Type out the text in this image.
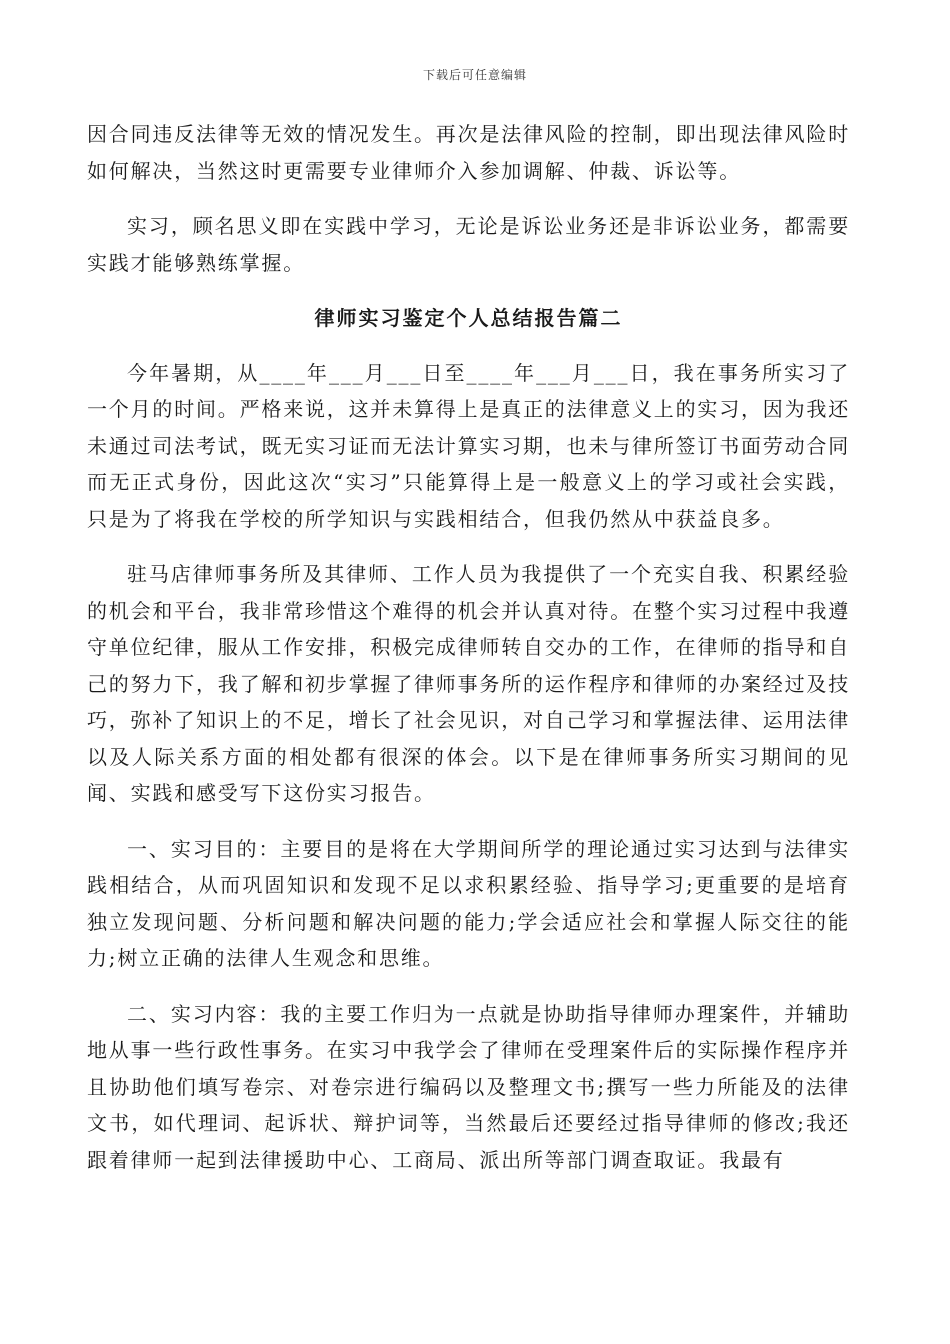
下载后可任意编辑

因合同违反法律等无效的情况发生。再次是法律风险的控制，即出现法律风险时如何解决，当然这时更需要专业律师介入参加调解、仲裁、诉讼等。

实习，顾名思义即在实践中学习，无论是诉讼业务还是非诉讼业务，都需要实践才能够熟练掌握。

律师实习鉴定个人总结报告篇二

今年暑期，从____年___月___日至____年___月___日，我在事务所实习了一个月的时间。严格来说，这并未算得上是真正的法律意义上的实习，因为我还未通过司法考试，既无实习证而无法计算实习期，也未与律所签订书面劳动合同而无正式身份，因此这次“实习”只能算得上是一般意义上的学习或社会实践，只是为了将我在学校的所学知识与实践相结合，但我仍然从中获益良多。

驻马店律师事务所及其律师、工作人员为我提供了一个充实自我、积累经验的机会和平台，我非常珍惜这个难得的机会并认真对待。在整个实习过程中我遵守单位纪律，服从工作安排，积极完成律师转自交办的工作，在律师的指导和自己的努力下，我了解和初步掌握了律师事务所的运作程序和律师的办案经过及技巧，弥补了知识上的不足，增长了社会见识，对自己学习和掌握法律、运用法律以及人际关系方面的相处都有很深的体会。以下是在律师事务所实习期间的见闻、实践和感受写下这份实习报告。

一、实习目的：主要目的是将在大学期间所学的理论通过实习达到与法律实践相结合，从而巩固知识和发现不足以求积累经验、指导学习;更重要的是培育独立发现问题、分析问题和解决问题的能力;学会适应社会和掌握人际交往的能力;树立正确的法律人生观念和思维。

二、实习内容：我的主要工作归为一点就是协助指导律师办理案件，并辅助地从事一些行政性事务。在实习中我学会了律师在受理案件后的实际操作程序并且协助他们填写卷宗、对卷宗进行编码以及整理文书;撰写一些力所能及的法律文书，如代理词、起诉状、辩护词等，当然最后还要经过指导律师的修改;我还跟着律师一起到法律援助中心、工商局、派出所等部门调查取证。我最有
